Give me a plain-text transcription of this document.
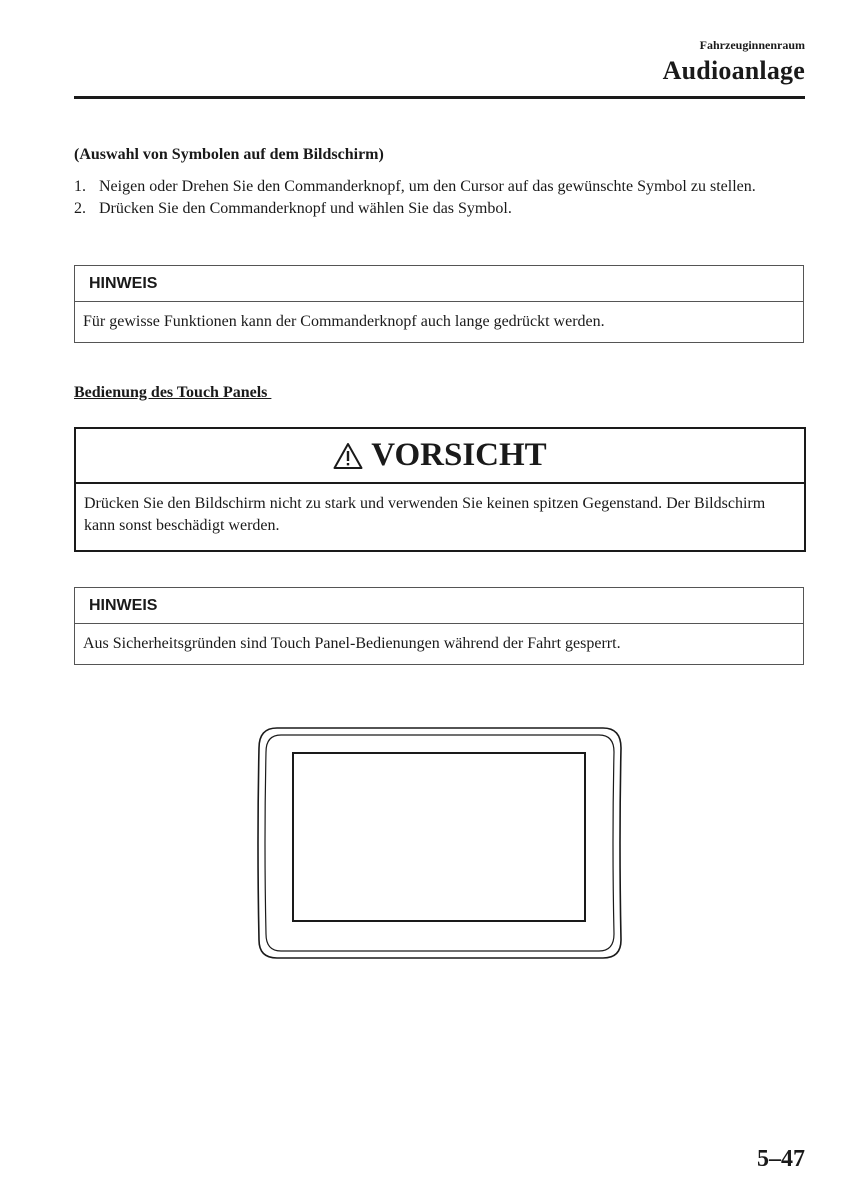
Fahrzeuginnenraum
Audioanlage
(Auswahl von Symbolen auf dem Bildschirm)
1. Neigen oder Drehen Sie den Commanderknopf, um den Cursor auf das gewünschte Symbol zu stellen.
2. Drücken Sie den Commanderknopf und wählen Sie das Symbol.
HINWEIS
Für gewisse Funktionen kann der Commanderknopf auch lange gedrückt werden.
Bedienung des Touch Panels
VORSICHT
Drücken Sie den Bildschirm nicht zu stark und verwenden Sie keinen spitzen Gegenstand. Der Bildschirm kann sonst beschädigt werden.
HINWEIS
Aus Sicherheitsgründen sind Touch Panel-Bedienungen während der Fahrt gesperrt.
5–47
